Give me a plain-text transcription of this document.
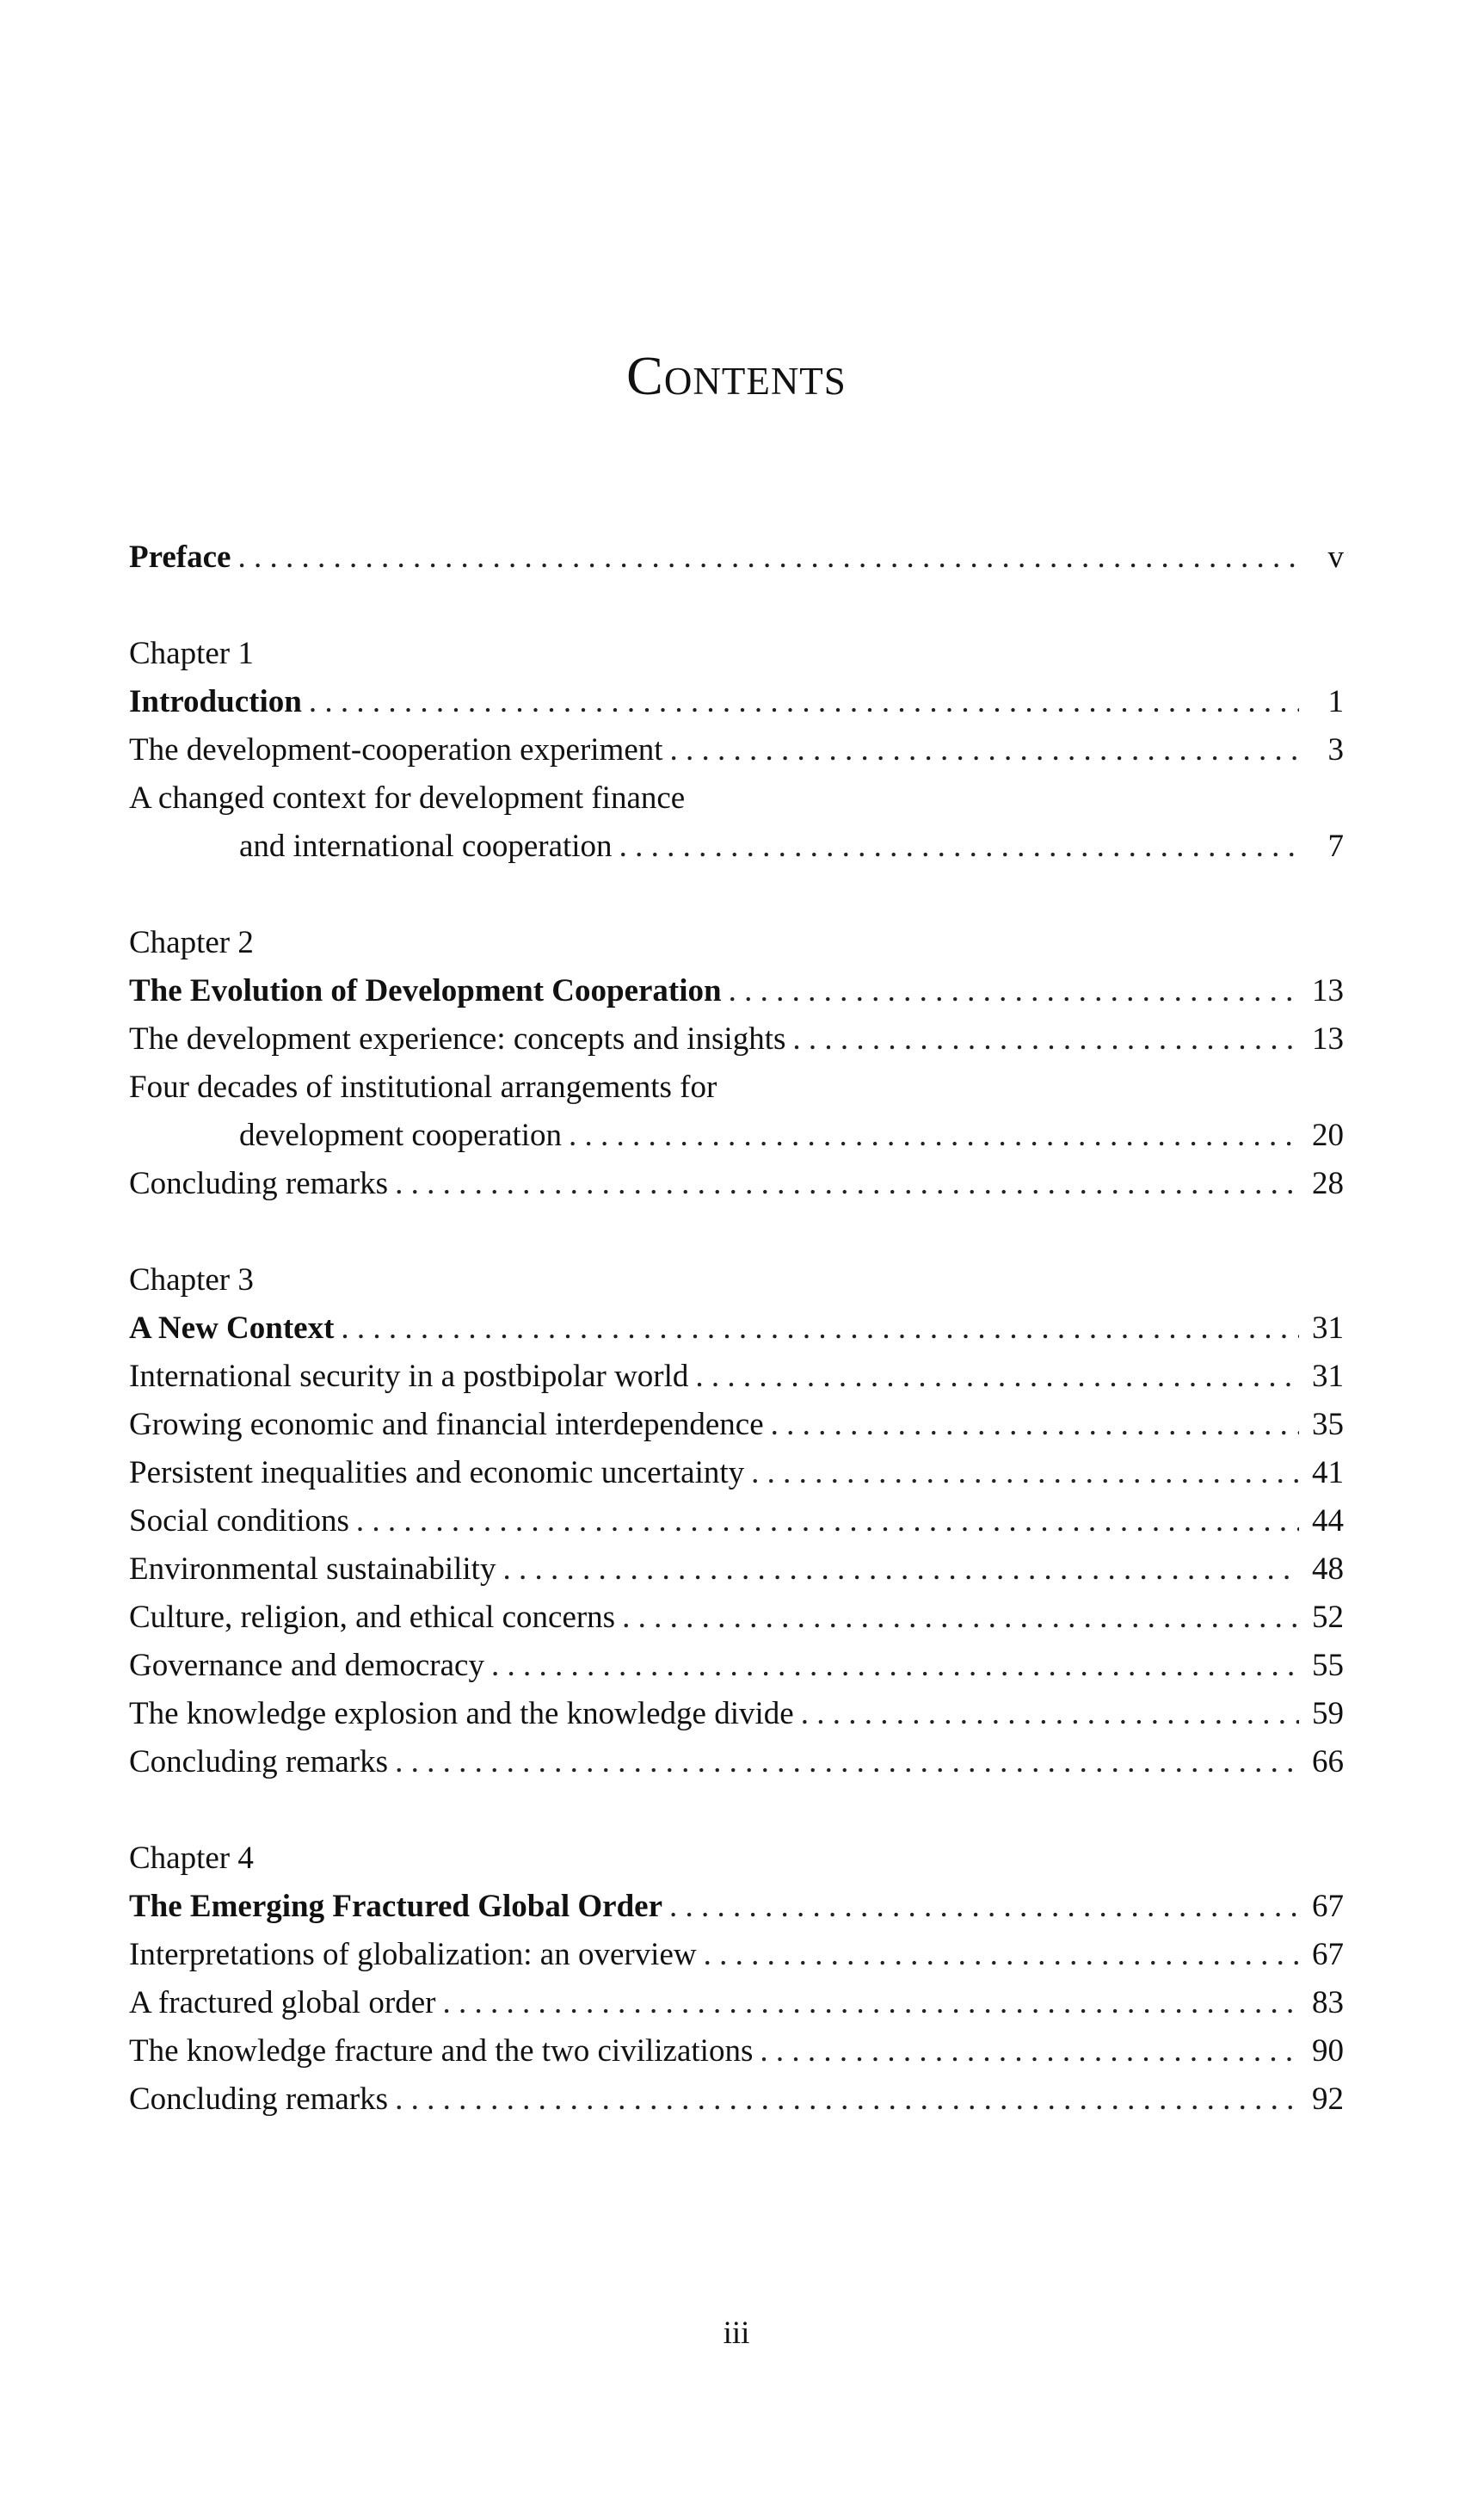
Contents
Preface . . .	v
Chapter 1
Introduction . . .	1
The development-cooperation experiment . . .	3
A changed context for development finance
and international cooperation . . .	7
Chapter 2
The Evolution of Development Cooperation . . .	13
The development experience: concepts and insights . . .	13
Four decades of institutional arrangements for
development cooperation . . .	20
Concluding remarks . . .	28
Chapter 3
A New Context . . .	31
International security in a postbipolar world . . .	31
Growing economic and financial interdependence . . .	35
Persistent inequalities and economic uncertainty . . .	41
Social conditions . . .	44
Environmental sustainability . . .	48
Culture, religion, and ethical concerns . . .	52
Governance and democracy . . .	55
The knowledge explosion and the knowledge divide . . .	59
Concluding remarks . . .	66
Chapter 4
The Emerging Fractured Global Order . . .	67
Interpretations of globalization: an overview . . .	67
A fractured global order . . .	83
The knowledge fracture and the two civilizations . . .	90
Concluding remarks . . .	92
iii
